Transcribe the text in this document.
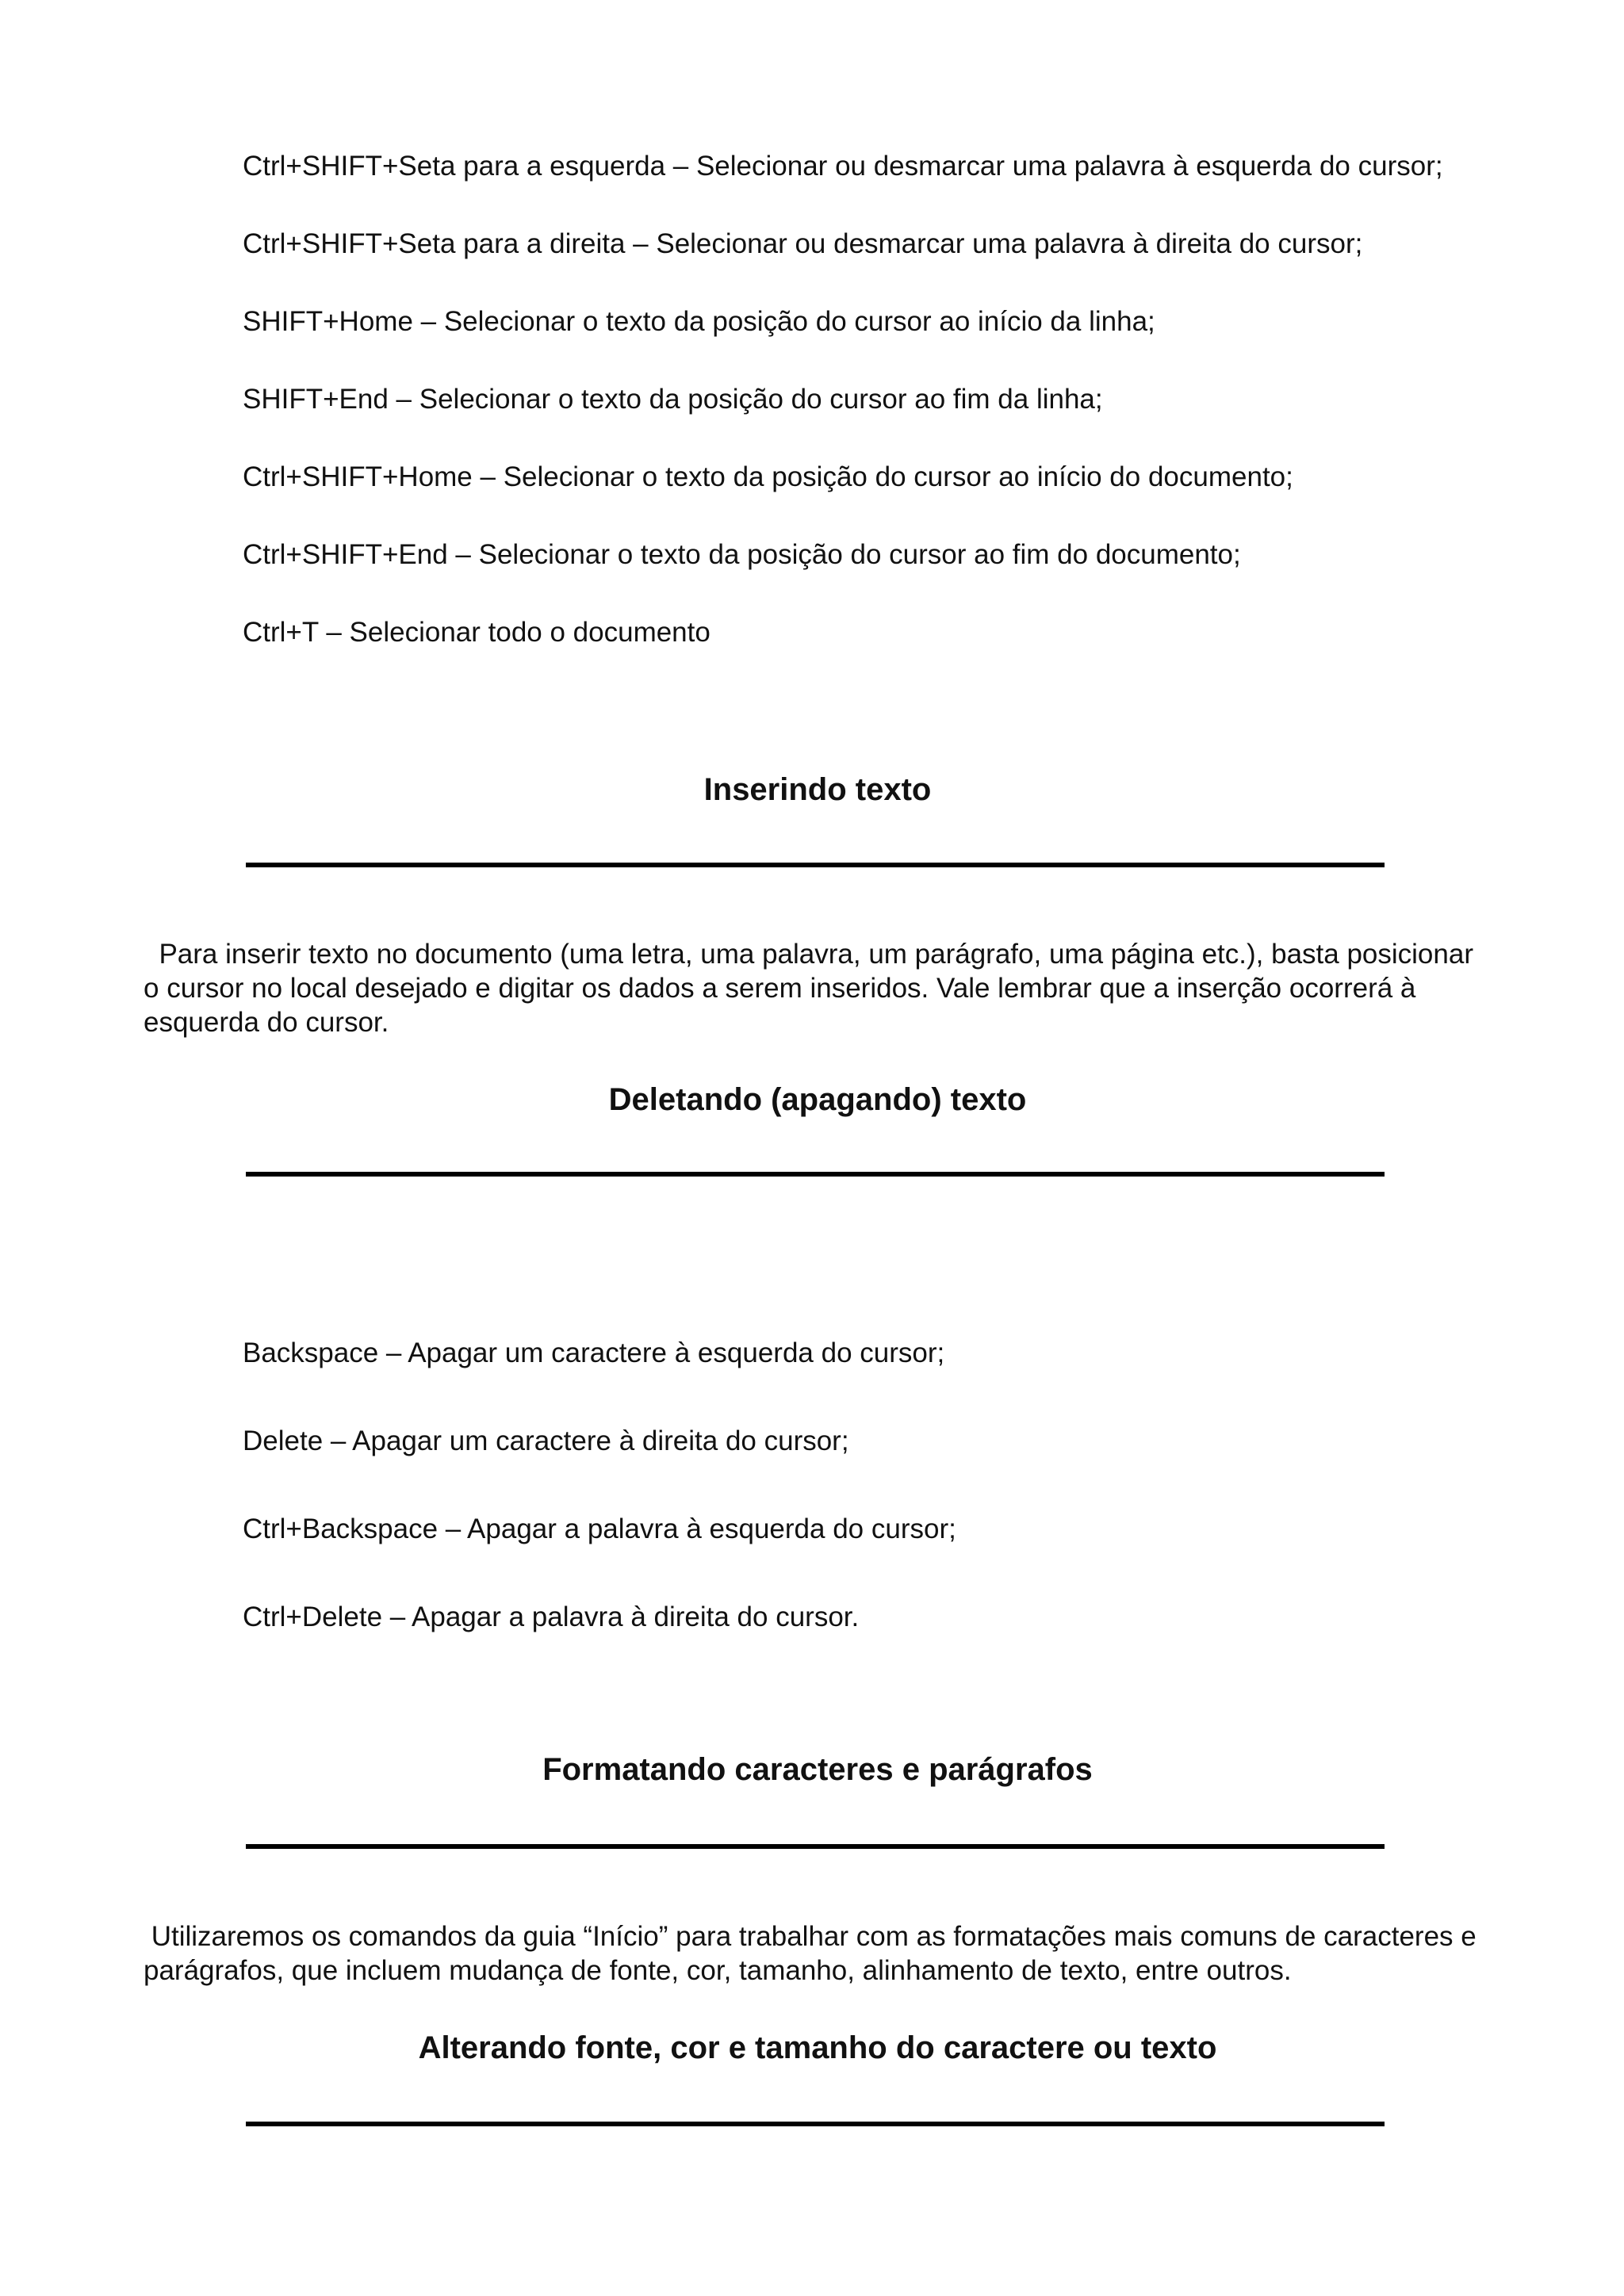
Ctrl+SHIFT+Seta para a esquerda – Selecionar ou desmarcar uma palavra à esquerda do cursor;

Ctrl+SHIFT+Seta para a direita – Selecionar ou desmarcar uma palavra à direita do cursor;

SHIFT+Home – Selecionar o texto da posição do cursor ao início da linha;

SHIFT+End – Selecionar o texto da posição do cursor ao fim da linha;

Ctrl+SHIFT+Home – Selecionar o texto da posição do cursor ao início do documento;

Ctrl+SHIFT+End – Selecionar o texto da posição do cursor ao fim do documento;

Ctrl+T – Selecionar todo o documento

Inserindo texto

Para inserir texto no documento (uma letra, uma palavra, um parágrafo, uma página etc.), basta posicionar
o cursor no local desejado e digitar os dados a serem inseridos. Vale lembrar que a inserção ocorrerá à
esquerda do cursor.

Deletando (apagando) texto

Backspace – Apagar um caractere à esquerda do cursor;

Delete – Apagar um caractere à direita do cursor;

Ctrl+Backspace – Apagar a palavra à esquerda do cursor;

Ctrl+Delete – Apagar a palavra à direita do cursor.

Formatando caracteres e parágrafos

Utilizaremos os comandos da guia “Início” para trabalhar com as formatações mais comuns de caracteres e
parágrafos, que incluem mudança de fonte, cor, tamanho, alinhamento de texto, entre outros.

Alterando fonte, cor e tamanho do caractere ou texto
